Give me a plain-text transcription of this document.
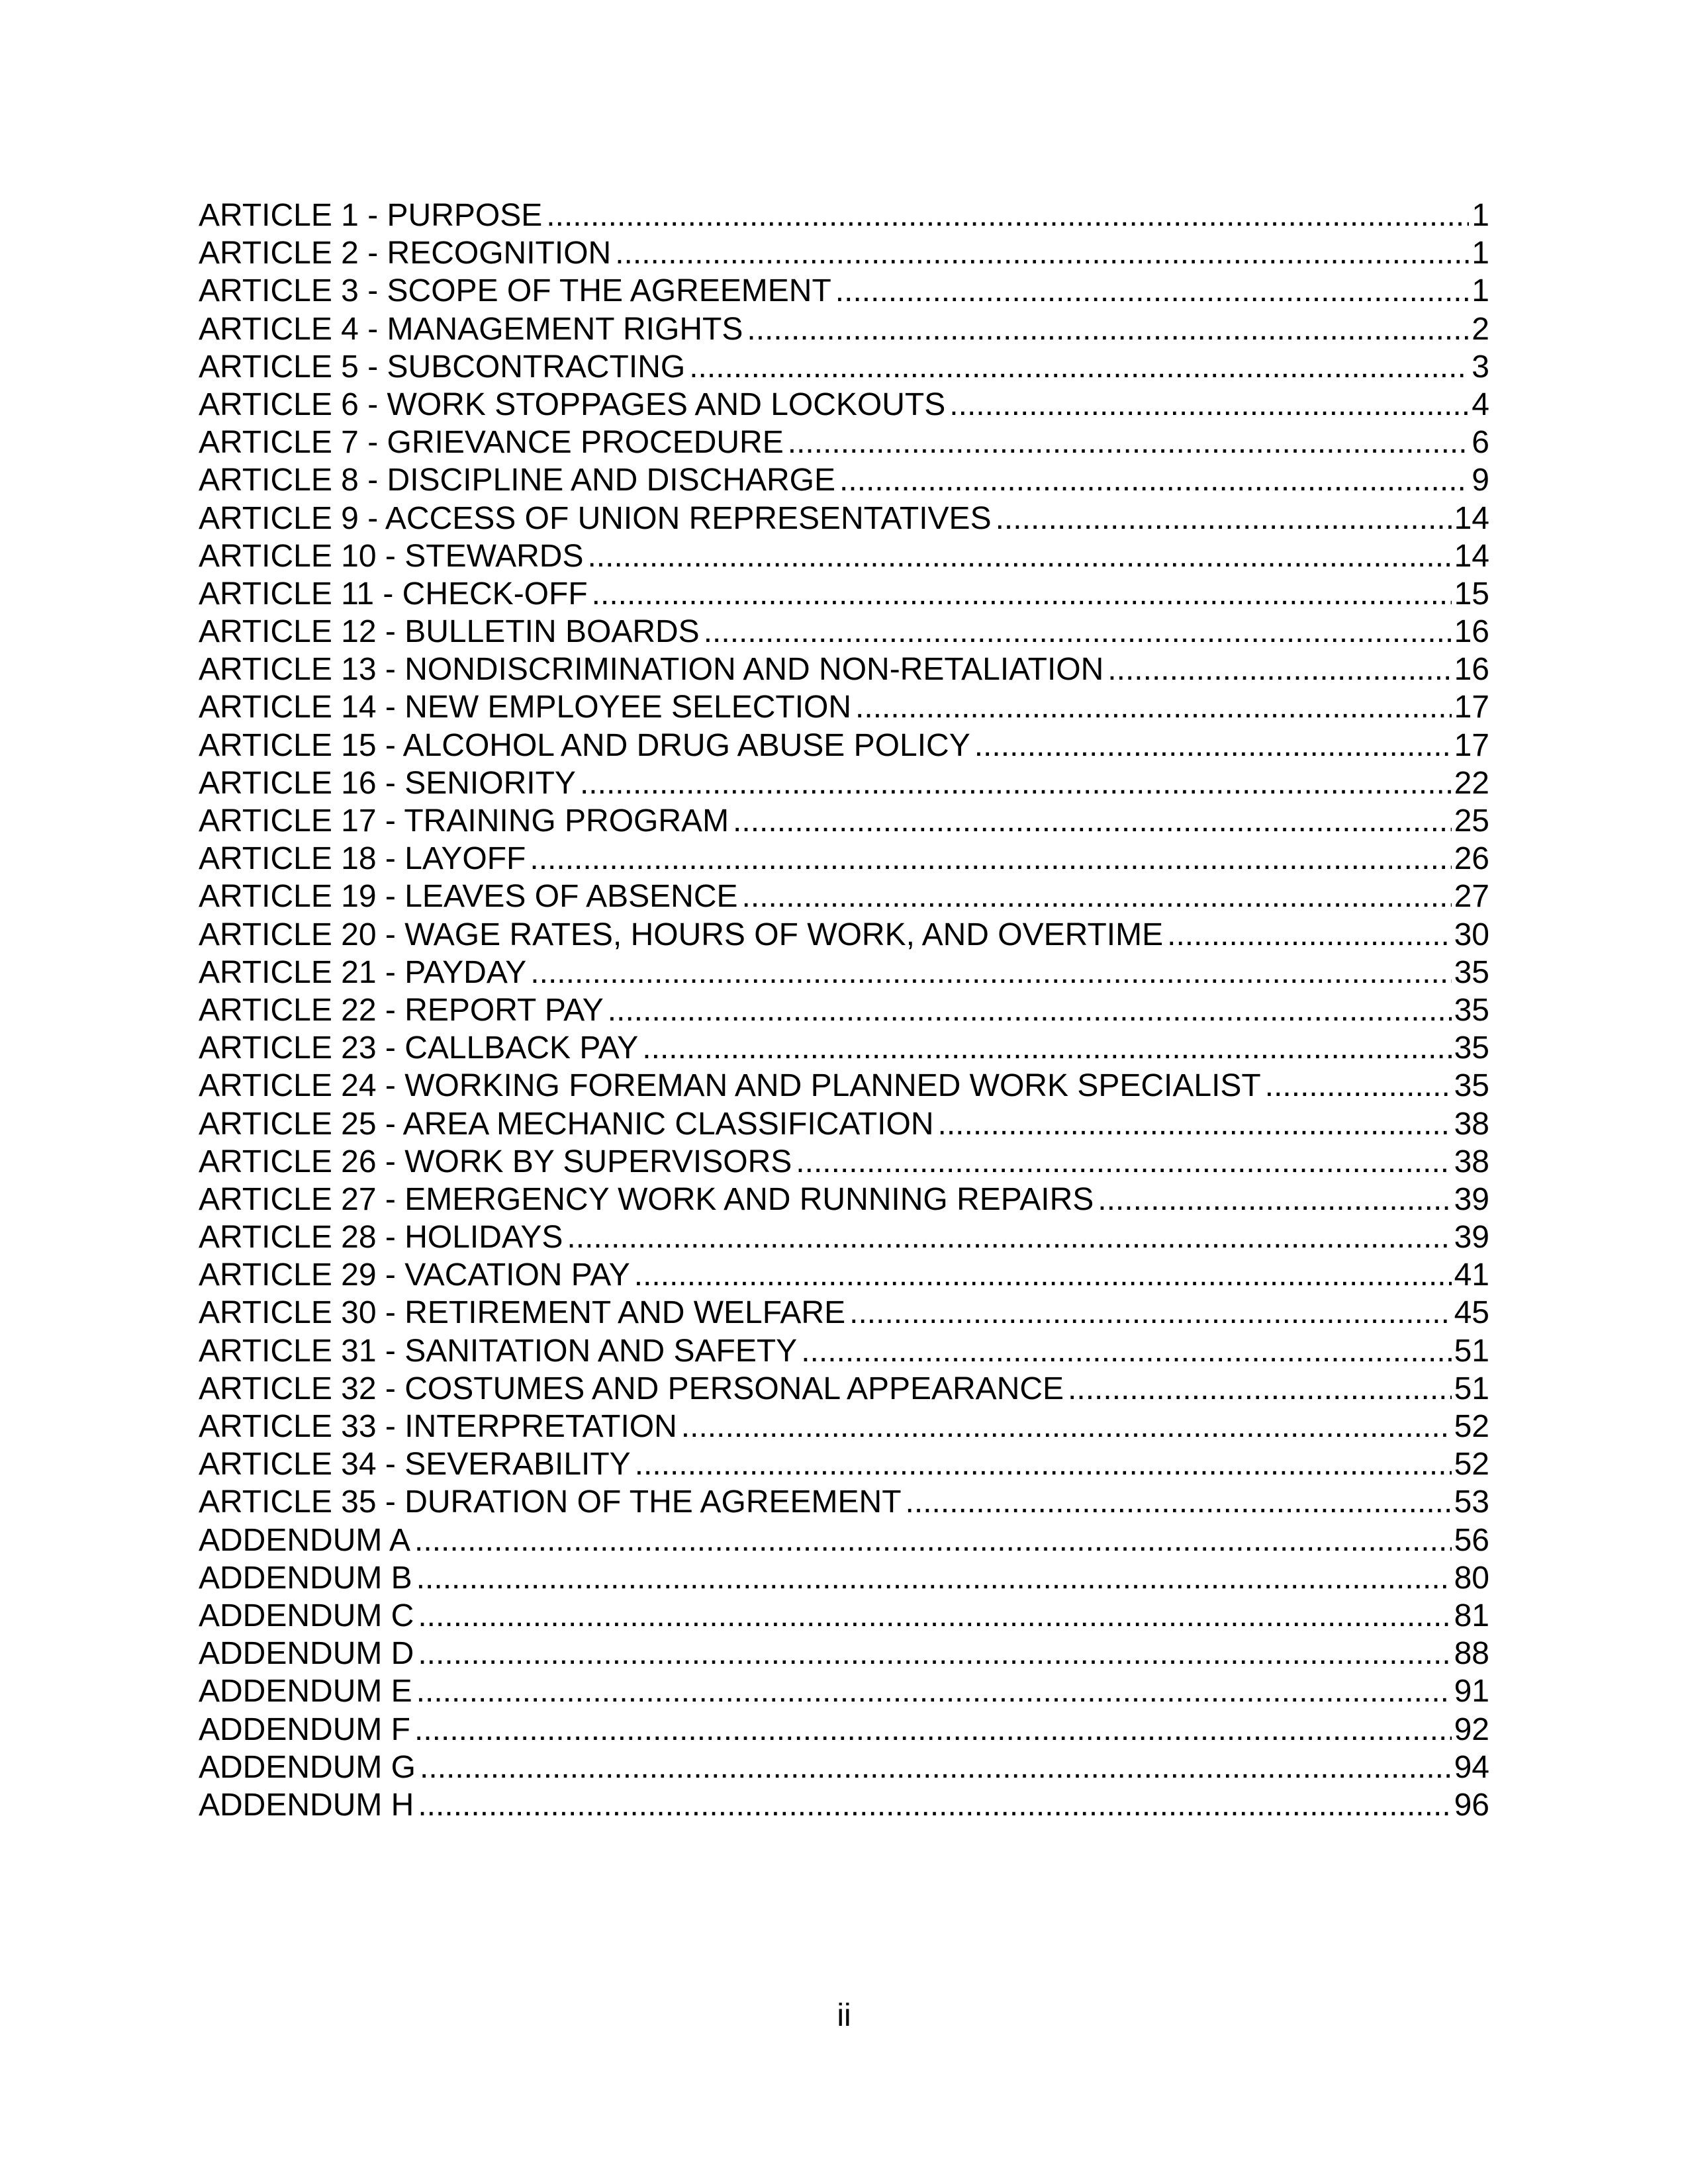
ARTICLE 1 - PURPOSE .....	1
ARTICLE 2 - RECOGNITION .....	1
ARTICLE 3 - SCOPE OF THE AGREEMENT .....	1
ARTICLE 4 - MANAGEMENT RIGHTS .....	2
ARTICLE 5 - SUBCONTRACTING .....	3
ARTICLE 6 - WORK STOPPAGES AND LOCKOUTS .....	4
ARTICLE 7 - GRIEVANCE PROCEDURE .....	6
ARTICLE 8 - DISCIPLINE AND DISCHARGE .....	9
ARTICLE 9 - ACCESS OF UNION REPRESENTATIVES .....	14
ARTICLE 10 - STEWARDS .....	14
ARTICLE 11 - CHECK-OFF .....	15
ARTICLE 12 - BULLETIN BOARDS .....	16
ARTICLE 13 - NONDISCRIMINATION AND NON-RETALIATION .....	16
ARTICLE 14 - NEW EMPLOYEE SELECTION .....	17
ARTICLE 15 - ALCOHOL AND DRUG ABUSE POLICY .....	17
ARTICLE 16 - SENIORITY .....	22
ARTICLE 17 - TRAINING PROGRAM .....	25
ARTICLE 18 - LAYOFF .....	26
ARTICLE 19 - LEAVES OF ABSENCE .....	27
ARTICLE 20 - WAGE RATES, HOURS OF WORK, AND OVERTIME .....	30
ARTICLE 21 - PAYDAY .....	35
ARTICLE 22 - REPORT PAY .....	35
ARTICLE 23 - CALLBACK PAY .....	35
ARTICLE 24 - WORKING FOREMAN AND PLANNED WORK SPECIALIST .....	35
ARTICLE 25 - AREA MECHANIC CLASSIFICATION .....	38
ARTICLE 26 - WORK BY SUPERVISORS .....	38
ARTICLE 27 - EMERGENCY WORK AND RUNNING REPAIRS .....	39
ARTICLE 28 - HOLIDAYS .....	39
ARTICLE 29 - VACATION PAY .....	41
ARTICLE 30 - RETIREMENT AND WELFARE .....	45
ARTICLE 31 - SANITATION AND SAFETY .....	51
ARTICLE 32 - COSTUMES AND PERSONAL APPEARANCE .....	51
ARTICLE 33 - INTERPRETATION .....	52
ARTICLE 34 - SEVERABILITY .....	52
ARTICLE 35 - DURATION OF THE AGREEMENT .....	53
ADDENDUM A .....	56
ADDENDUM B .....	80
ADDENDUM C .....	81
ADDENDUM D .....	88
ADDENDUM E .....	91
ADDENDUM F .....	92
ADDENDUM G .....	94
ADDENDUM H .....	96
ii
